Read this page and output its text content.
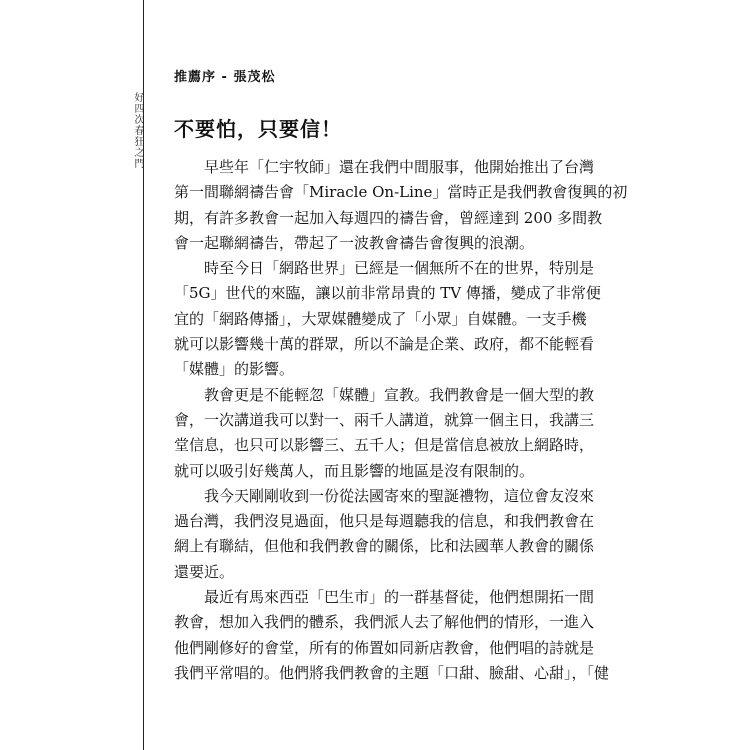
好四次春狂之門
推薦序 - 張茂松
不要怕，只要信！
早些年「仁宇牧師」還在我們中間服事，他開始推出了台灣
第一間聯網禱告會「Miracle On-Line」當時正是我們教會復興的初
期，有許多教會一起加入每週四的禱告會，曾經達到 200 多間教
會一起聯網禱告，帶起了一波教會禱告會復興的浪潮。
時至今日「網路世界」已經是一個無所不在的世界，特別是
「5G」世代的來臨，讓以前非常昂貴的 TV 傳播，變成了非常便
宜的「網路傳播」，大眾媒體變成了「小眾」自媒體。一支手機
就可以影響幾十萬的群眾，所以不論是企業、政府，都不能輕看
「媒體」的影響。
教會更是不能輕忽「媒體」宣教。我們教會是一個大型的教
會，一次講道我可以對一、兩千人講道，就算一個主日，我講三
堂信息，也只可以影響三、五千人；但是當信息被放上網路時，
就可以吸引好幾萬人，而且影響的地區是沒有限制的。
我今天剛剛收到一份從法國寄來的聖誕禮物，這位會友沒來
過台灣，我們沒見過面，他只是每週聽我的信息，和我們教會在
網上有聯結，但他和我們教會的關係，比和法國華人教會的關係
還要近。
最近有馬來西亞「巴生市」的一群基督徒，他們想開拓一間
教會，想加入我們的體系，我們派人去了解他們的情形，一進入
他們剛修好的會堂，所有的佈置如同新店教會，他們唱的詩就是
我們平常唱的。他們將我們教會的主題「口甜、臉甜、心甜」，「健
